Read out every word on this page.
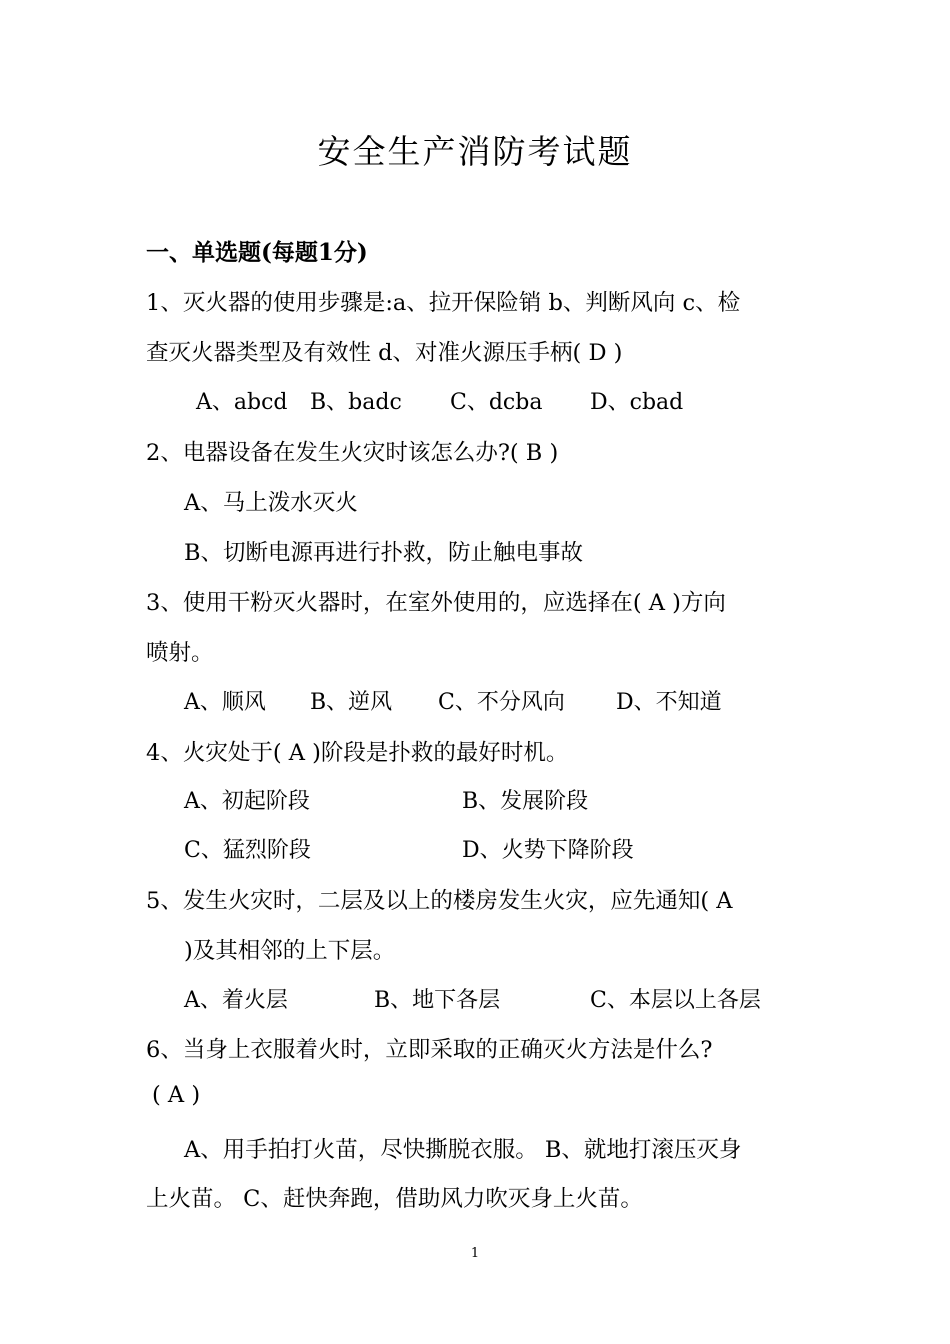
安全生产消防考试题
一、单选题(每题1分)
1、灭火器的使用步骤是:a、拉开保险销 b、判断风向 c、检
查灭火器类型及有效性 d、对准火源压手柄( D )
A、abcd B、badc C、dcba D、cbad
2、电器设备在发生火灾时该怎么办?( B )
A、马上泼水灭火
B、切断电源再进行扑救，防止触电事故
3、使用干粉灭火器时，在室外使用的，应选择在( A )方向
喷射。
A、顺风 B、逆风 C、不分风向 D、不知道
4、火灾处于( A )阶段是扑救的最好时机。
A、初起阶段	B、发展阶段
C、猛烈阶段	D、火势下降阶段
5、发生火灾时，二层及以上的楼房发生火灾，应先通知( A
)及其相邻的上下层。
A、着火层	B、地下各层	C、本层以上各层
6、当身上衣服着火时，立即采取的正确灭火方法是什么?
( A )
A、用手拍打火苗，尽快撕脱衣服。 B、就地打滚压灭身
上火苗。 C、赶快奔跑，借助风力吹灭身上火苗。
1
